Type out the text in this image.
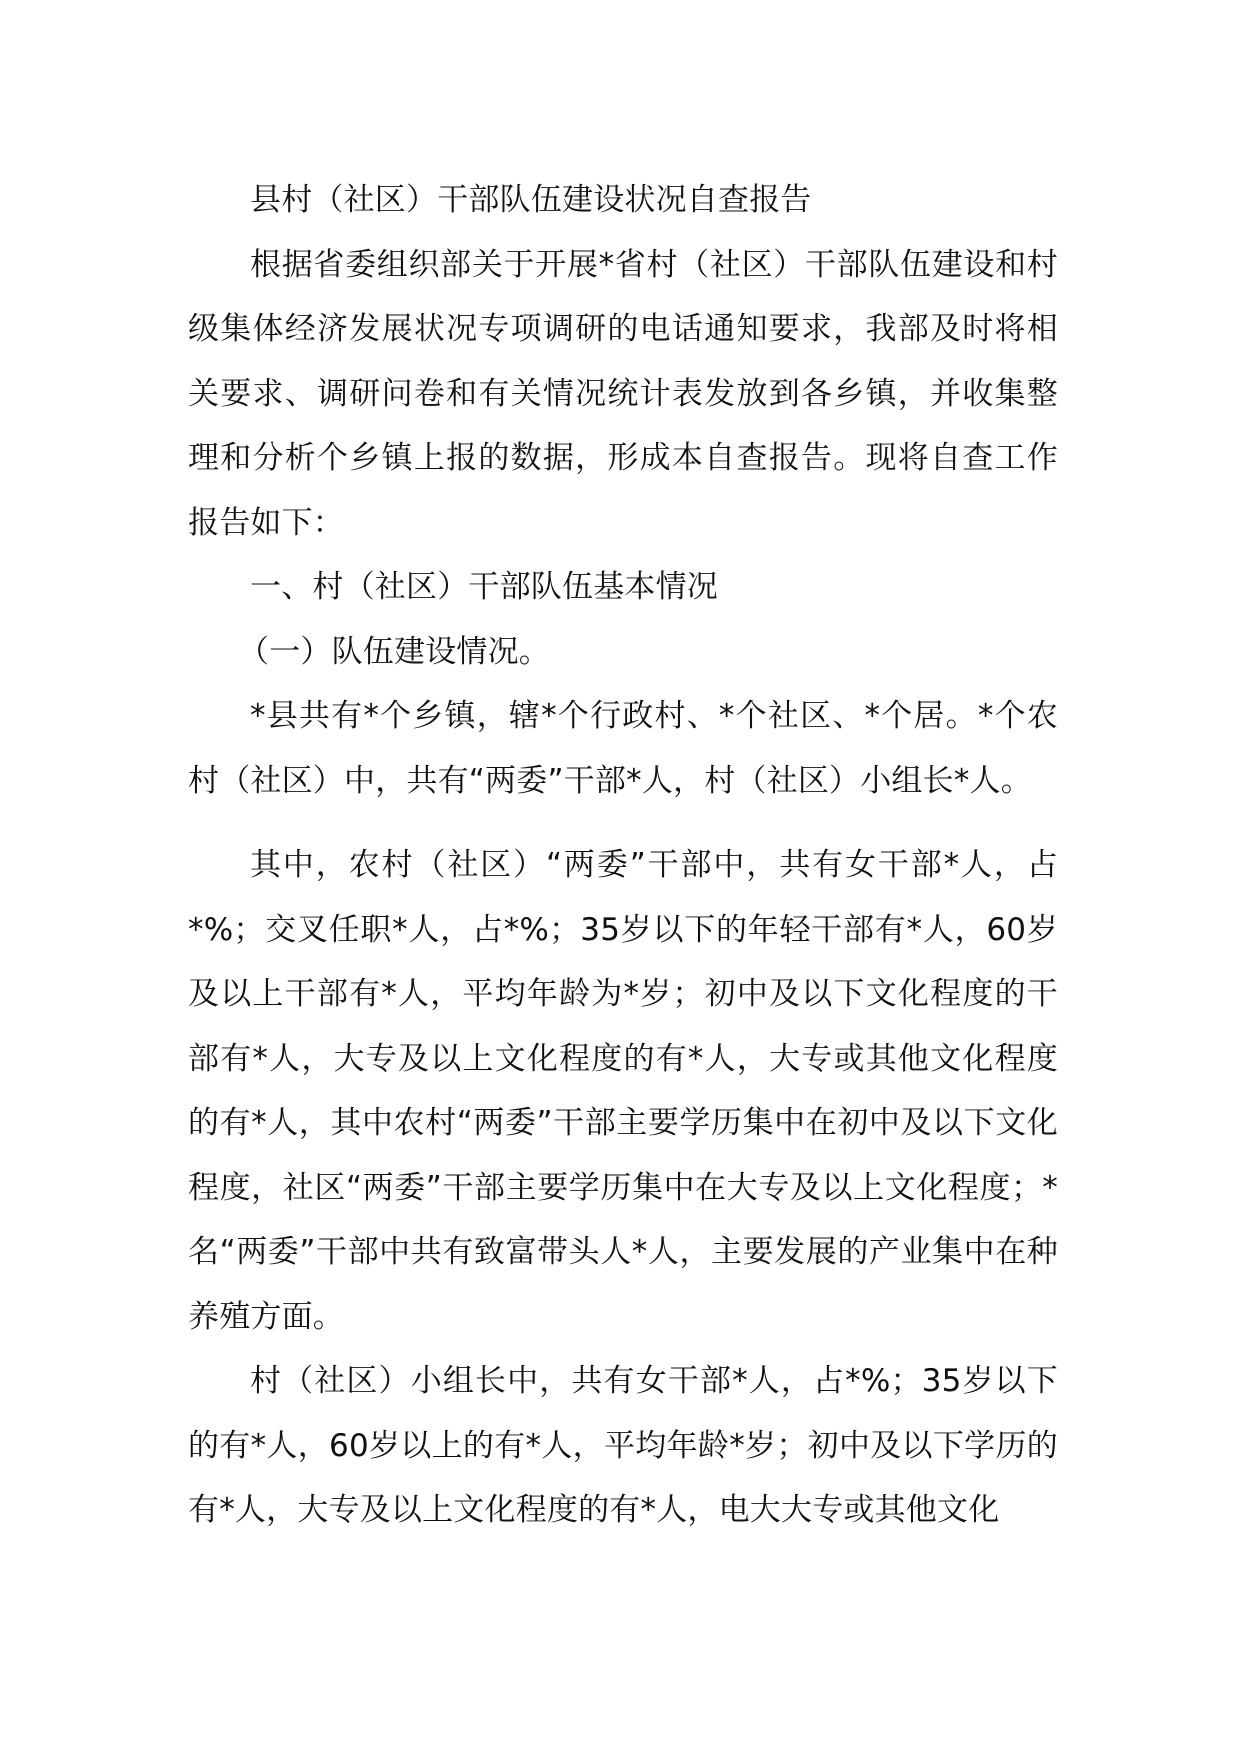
县村（社区）干部队伍建设状况自查报告

根据省委组织部关于开展*省村（社区）干部队伍建设和村级集体经济发展状况专项调研的电话通知要求，我部及时将相关要求、调研问卷和有关情况统计表发放到各乡镇，并收集整理和分析个乡镇上报的数据，形成本自查报告。现将自查工作报告如下：

一、村（社区）干部队伍基本情况

（一）队伍建设情况。

*县共有*个乡镇，辖*个行政村、*个社区、*个居。*个农村（社区）中，共有“两委”干部*人，村（社区）小组长*人。

其中，农村（社区）“两委”干部中，共有女干部*人，占*%；交叉任职*人，占*%；35岁以下的年轻干部有*人，60岁及以上干部有*人，平均年龄为*岁；初中及以下文化程度的干部有*人，大专及以上文化程度的有*人，大专或其他文化程度的有*人，其中农村“两委”干部主要学历集中在初中及以下文化程度，社区“两委”干部主要学历集中在大专及以上文化程度；*名“两委”干部中共有致富带头人*人，主要发展的产业集中在种养殖方面。

村（社区）小组长中，共有女干部*人，占*%；35岁以下的有*人，60岁以上的有*人，平均年龄*岁；初中及以下学历的有*人，大专及以上文化程度的有*人，电大大专或其他文化
